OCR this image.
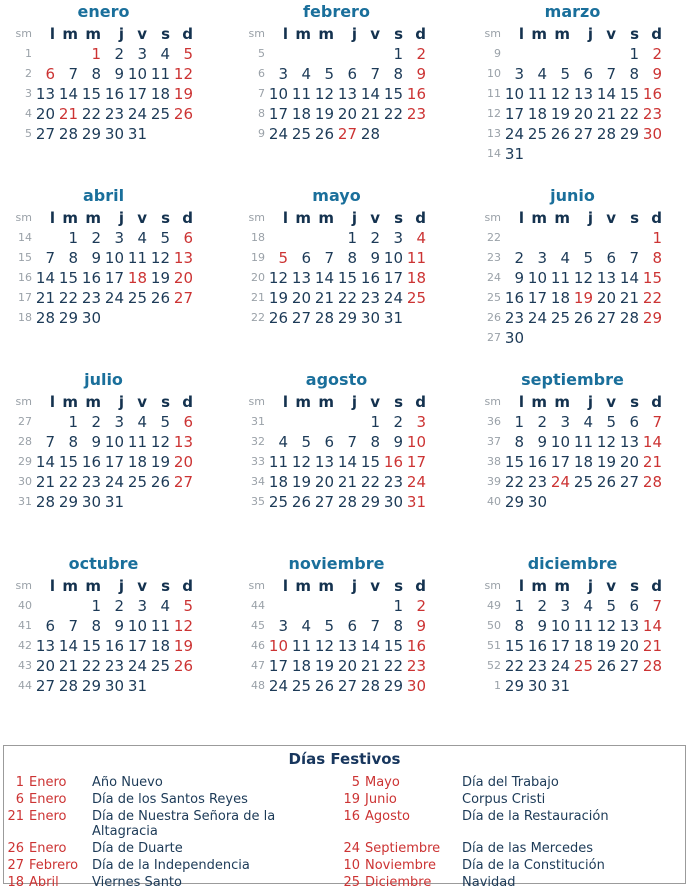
enero
sm	l	m	m	j	v	s	d
1			1	2	3	4	5
2	6	7	8	9	10	11	12
3	13	14	15	16	17	18	19
4	20	21	22	23	24	25	26
5	27	28	29	30	31		
febrero
sm	l	m	m	j	v	s	d
5						1	2
6	3	4	5	6	7	8	9
7	10	11	12	13	14	15	16
8	17	18	19	20	21	22	23
9	24	25	26	27	28		
marzo
sm	l	m	m	j	v	s	d
9						1	2
10	3	4	5	6	7	8	9
11	10	11	12	13	14	15	16
12	17	18	19	20	21	22	23
13	24	25	26	27	28	29	30
14	31						
abril
sm	l	m	m	j	v	s	d
14		1	2	3	4	5	6
15	7	8	9	10	11	12	13
16	14	15	16	17	18	19	20
17	21	22	23	24	25	26	27
18	28	29	30				
mayo
sm	l	m	m	j	v	s	d
18				1	2	3	4
19	5	6	7	8	9	10	11
20	12	13	14	15	16	17	18
21	19	20	21	22	23	24	25
22	26	27	28	29	30	31	
junio
sm	l	m	m	j	v	s	d
22							1
23	2	3	4	5	6	7	8
24	9	10	11	12	13	14	15
25	16	17	18	19	20	21	22
26	23	24	25	26	27	28	29
27	30						
julio
sm	l	m	m	j	v	s	d
27		1	2	3	4	5	6
28	7	8	9	10	11	12	13
29	14	15	16	17	18	19	20
30	21	22	23	24	25	26	27
31	28	29	30	31			
agosto
sm	l	m	m	j	v	s	d
31					1	2	3
32	4	5	6	7	8	9	10
33	11	12	13	14	15	16	17
34	18	19	20	21	22	23	24
35	25	26	27	28	29	30	31
septiembre
sm	l	m	m	j	v	s	d
36	1	2	3	4	5	6	7
37	8	9	10	11	12	13	14
38	15	16	17	18	19	20	21
39	22	23	24	25	26	27	28
40	29	30					
octubre
sm	l	m	m	j	v	s	d
40			1	2	3	4	5
41	6	7	8	9	10	11	12
42	13	14	15	16	17	18	19
43	20	21	22	23	24	25	26
44	27	28	29	30	31		
noviembre
sm	l	m	m	j	v	s	d
44						1	2
45	3	4	5	6	7	8	9
46	10	11	12	13	14	15	16
47	17	18	19	20	21	22	23
48	24	25	26	27	28	29	30
diciembre
sm	l	m	m	j	v	s	d
49	1	2	3	4	5	6	7
50	8	9	10	11	12	13	14
51	15	16	17	18	19	20	21
52	22	23	24	25	26	27	28
1	29	30	31				
Días Festivos
1 Enero	Año Nuevo	5 Mayo	Día del Trabajo
6 Enero	Día de los Santos Reyes	19 Junio	Corpus Cristi
21 Enero	Día de Nuestra Señora de la Altagracia	16 Agosto	Día de la Restauración
26 Enero	Día de Duarte	24 Septiembre	Día de las Mercedes
27 Febrero	Día de la Independencia	10 Noviembre	Día de la Constitución
18 Abril	Viernes Santo	25 Diciembre	Navidad
